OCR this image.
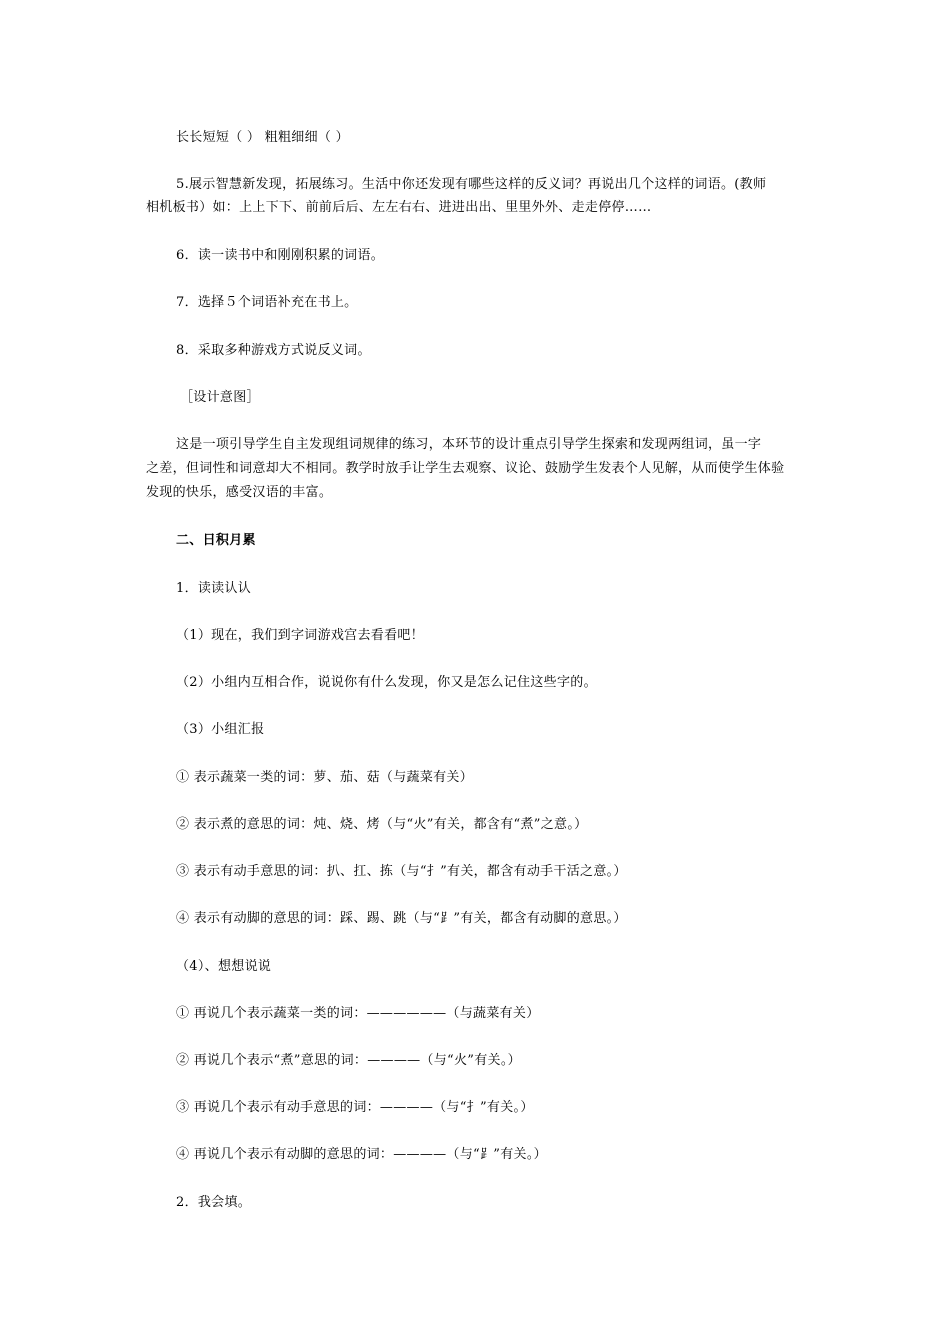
长长短短（ ） 粗粗细细（ ）
5.展示智慧新发现，拓展练习。生活中你还发现有哪些这样的反义词？再说出几个这样的词语。(教师
相机板书）如：上上下下、前前后后、左左右右、进进出出、里里外外、走走停停……
6．读一读书中和刚刚积累的词语。
7．选择５个词语补充在书上。
8．采取多种游戏方式说反义词。
［设计意图］
这是一项引导学生自主发现组词规律的练习，本环节的设计重点引导学生探索和发现两组词，虽一字
之差，但词性和词意却大不相同。教学时放手让学生去观察、议论、鼓励学生发表个人见解，从而使学生体验
发现的快乐，感受汉语的丰富。
二、日积月累
1．读读认认
（1）现在，我们到字词游戏宫去看看吧！
（2）小组内互相合作，说说你有什么发现，你又是怎么记住这些字的。
（3）小组汇报
① 表示蔬菜一类的词：萝、茄、菇（与蔬菜有关）
② 表示煮的意思的词：炖、烧、烤（与“火”有关，都含有“煮”之意。）
③ 表示有动手意思的词：扒、扛、拣（与“扌”有关，都含有动手干活之意。）
④ 表示有动脚的意思的词：踩、踢、跳（与“⻊”有关，都含有动脚的意思。）
（4）、想想说说
① 再说几个表示蔬菜一类的词：——————（与蔬菜有关）
② 再说几个表示“煮”意思的词：————（与“火”有关。）
③ 再说几个表示有动手意思的词：————（与“扌”有关。）
④ 再说几个表示有动脚的意思的词：————（与“⻊”有关。）
2．我会填。
